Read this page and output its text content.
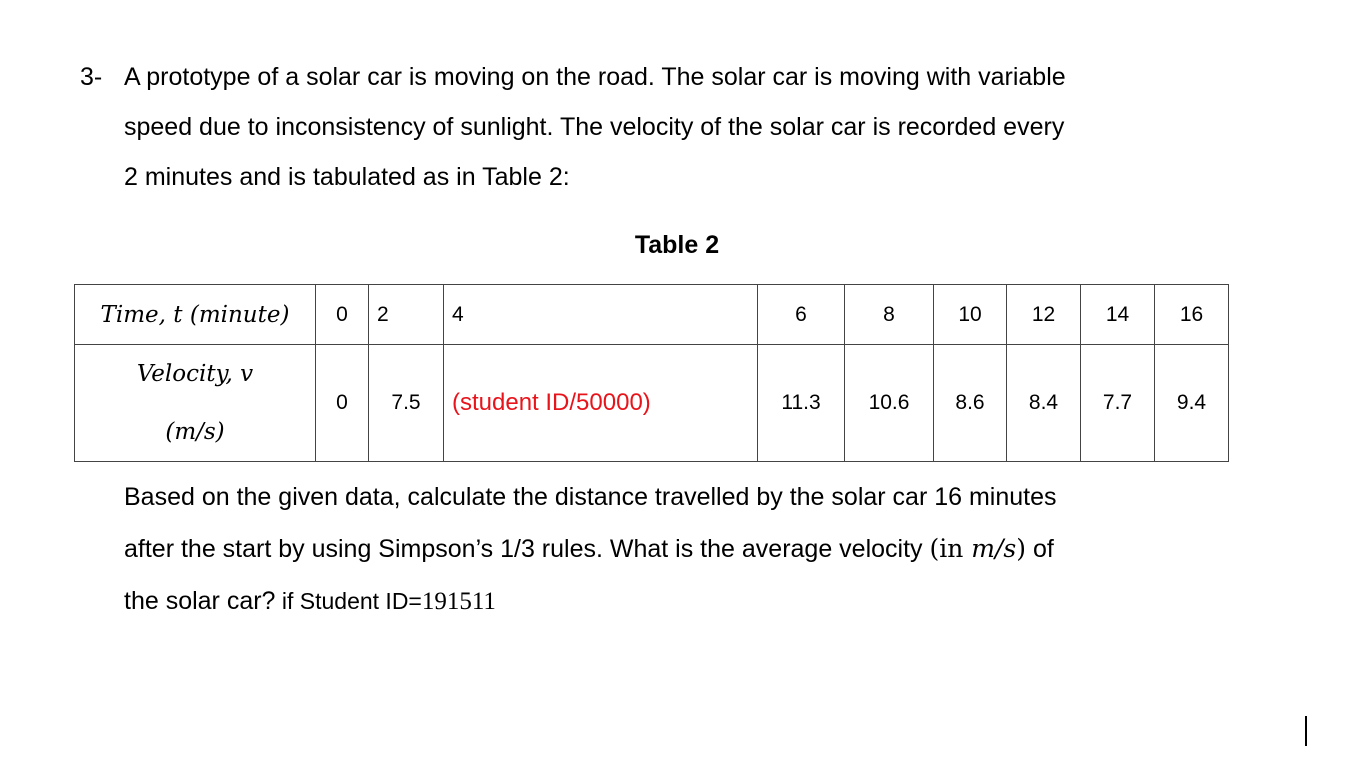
3- A prototype of a solar car is moving on the road. The solar car is moving with variable
speed due to inconsistency of sunlight. The velocity of the solar car is recorded every
2 minutes and is tabulated as in Table 2:
Table 2
Time, t (minute)	0	2	4	6	8	10	12	14	16

Velocity, v
(m/s)	0	7.5	(student ID/50000)	11.3	10.6	8.6	8.4	7.7	9.4
Based on the given data, calculate the distance travelled by the solar car 16 minutes
after the start by using Simpson’s 1/3 rules. What is the average velocity (in m/s) of
the solar car? if Student ID=191511
